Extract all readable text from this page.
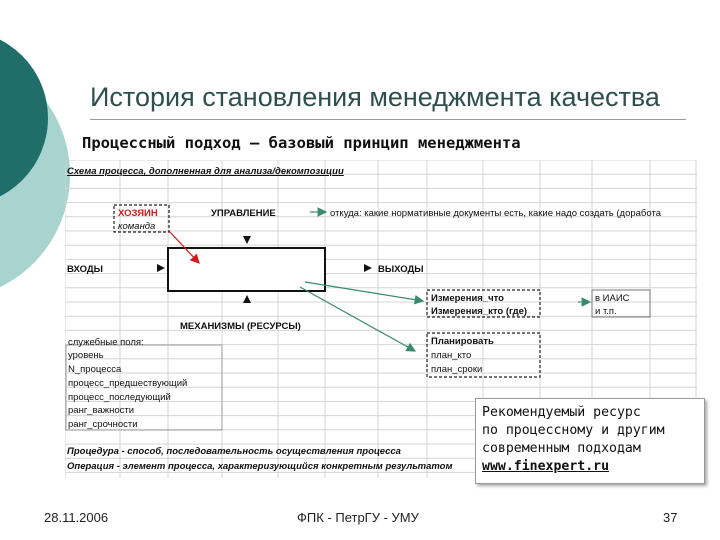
История становления менеджмента качества
Процессный подход – базовый принцип менеджмента
Схема процесса, дополненная для анализа/декомпозиции
ХОЗЯИН
команда
УПРАВЛЕНИЕ	откуда: какие нормативные документы есть, какие надо создать (доработа
ВХОДЫ	ВЫХОДЫ
МЕХАНИЗМЫ (РЕСУРСЫ)
Измерения_что
Измерения_кто (где)
в ИАИС
и т.п.
Планировать
план_кто
план_сроки
служебные поля:
уровень
N_процесса
процесс_предшествующий
процесс_последующий
ранг_важности
ранг_срочности
Процедура - способ, последовательность осуществления процесса
Операция - элемент процесса, характеризующийся конкретным результатом
Рекомендуемый ресурс
по процессному и другим
современным подходам
www.finexpert.ru
28.11.2006	ФПК - ПетрГУ - УМУ	37
